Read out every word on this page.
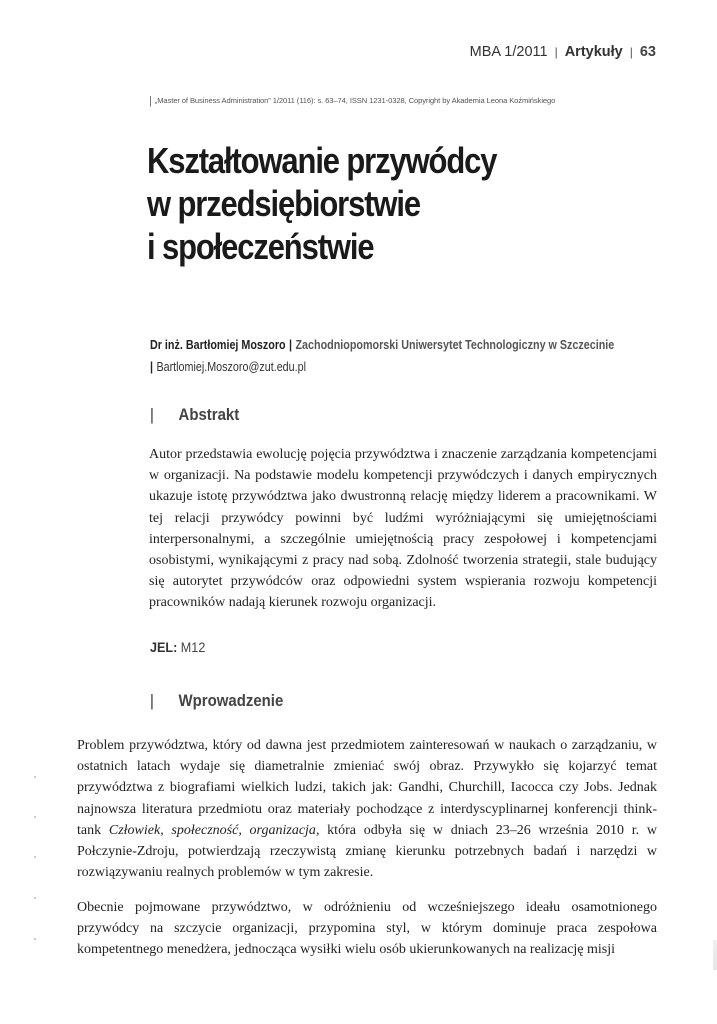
MBA 1/2011 | Artykuły | 63
| „Master of Business Administration” 1/2011 (116): s. 63–74, ISSN 1231-0328, Copyright by Akademia Leona Koźmińskiego
Kształtowanie przywódcy
w przedsiębiorstwie
i społeczeństwie
Dr inż. Bartłomiej Moszoro | Zachodniopomorski Uniwersytet Technologiczny w Szczecinie
| Bartlomiej.Moszoro@zut.edu.pl
| Abstrakt

Autor przedstawia ewolucję pojęcia przywództwa i znaczenie zarządzania kompetencjami w organizacji. Na podstawie modelu kompetencji przywódczych i danych empirycznych ukazuje istotę przywództwa jako dwustronną relację między liderem a pracownikami. W tej relacji przywódcy powinni być ludźmi wyróżniającymi się umiejętnościami interpersonalnymi, a szczególnie umiejętnością pracy zespołowej i kompetencjami osobistymi, wynikającymi z pracy nad sobą. Zdolność tworzenia strategii, stale budujący się autorytet przywódców oraz odpowiedni system wspierania rozwoju kompetencji pracowników nadają kierunek rozwoju organizacji.

JEL: M12
| Wprowadzenie

Problem przywództwa, który od dawna jest przedmiotem zainteresowań w naukach o zarządzaniu, w ostatnich latach wydaje się diametralnie zmieniać swój obraz. Przywykło się kojarzyć temat przywództwa z biografiami wielkich ludzi, takich jak: Gandhi, Churchill, Iacocca czy Jobs. Jednak najnowsza literatura przedmiotu oraz materiały pochodzące z interdyscyplinarnej konferencji think-tank Człowiek, społeczność, organizacja, która odbyła się w dniach 23–26 września 2010 r. w Połczynie-Zdroju, potwierdzają rzeczywistą zmianę kierunku potrzebnych badań i narzędzi w rozwiązywaniu realnych problemów w tym zakresie.

Obecnie pojmowane przywództwo, w odróżnieniu od wcześniejszego ideału osamotnionego przywódcy na szczycie organizacji, przypomina styl, w którym dominuje praca zespołowa kompetentnego menedżera, jednocząca wysiłki wielu osób ukierunkowanych na realizację misji
